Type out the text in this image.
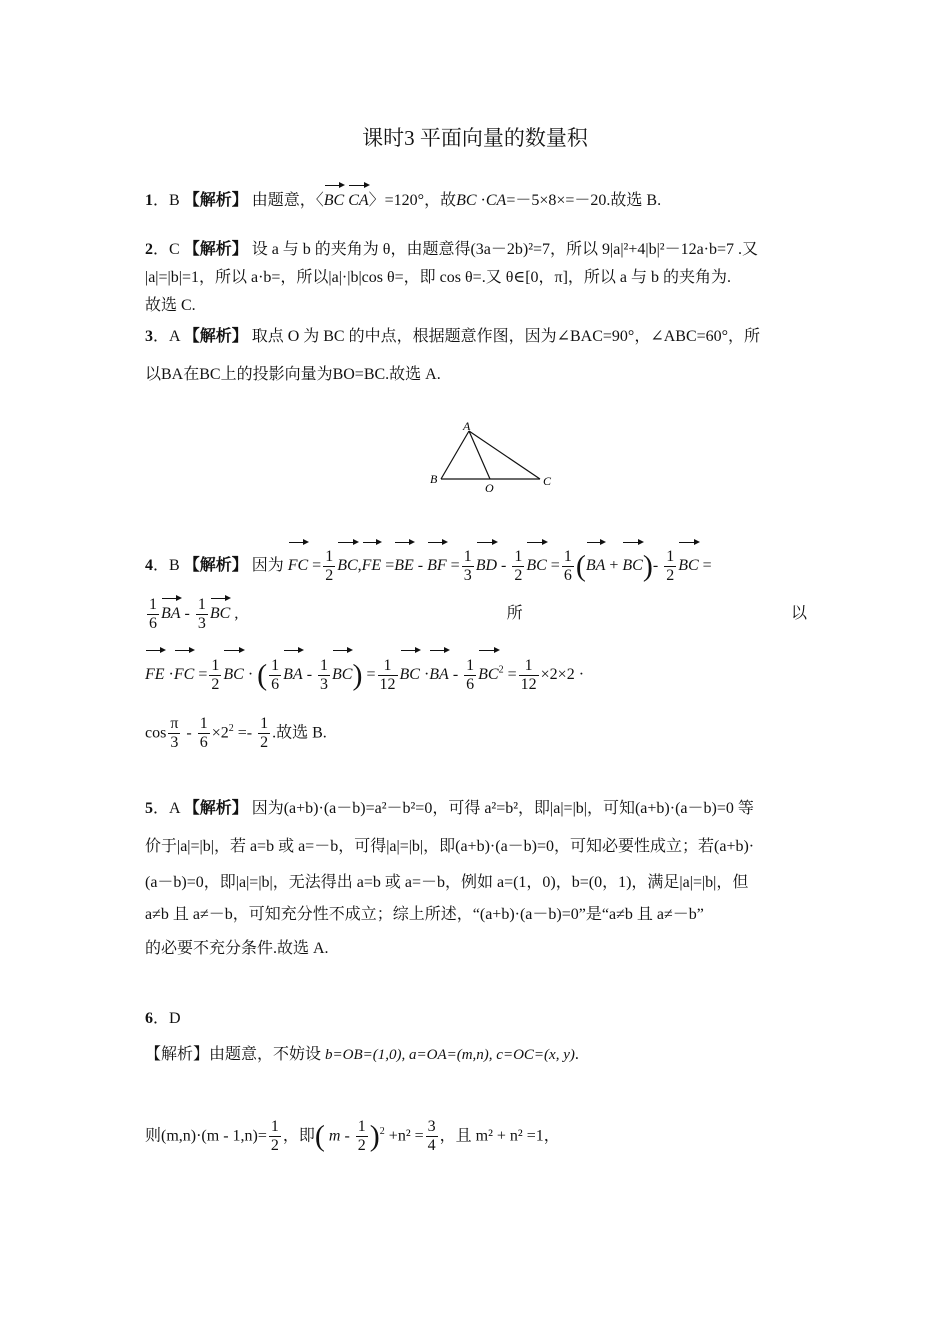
课时3 平面向量的数量积
1．B 【解析】 由题意，〈BC CA〉=120°，故BC ·CA=－5×8×=－20.故选 B.
2．C 【解析】 设 a 与 b 的夹角为 θ，由题意得(3a－2b)²=7，所以 9|a|²+4|b|²－12a·b=7 .又
|a|=|b|=1，所以 a·b=，所以|a|·|b|cos θ=，即 cos θ=.又 θ∈[0，π]，所以 a 与 b 的夹角为.
故选 C.
3．A 【解析】 取点 O 为 BC 的中点，根据题意作图，因为∠BAC=90°，∠ABC=60°，所
以BA在BC上的投影向量为BO=BC.故选 A.
A
B	C
O
4．B 【解析】 因为 FC = $\frac{1}{2} BC,FE =BE$ - BF = $\frac{1}{3}$ BD - $\frac{1}{2}$ BC = $\frac{1}{6} (BA + BC)- \frac{1}{2}$ BC =
$\frac{1}{6}$ BA - $\frac{1}{3}$ BC ,	所	以
FE $\cdot FC = \frac{1}{2}$ BC · ( $\frac{1}{6}$ BA - $\frac{1}{3} BC) = \frac{1}{12}$ BC $\cdot BA - \frac{1}{6} BC^2 = \frac{1}{12} \times 2\times 2$ ·
$\cos \frac{\pi}{3} - \frac{1}{6} \times 2^2 =- \frac{1}{2}$ .故选 B.
5．A 【解析】 因为(a+b)·(a－b)=a²－b²=0，可得 a²=b²，即|a|=|b|，可知(a+b)·(a－b)=0 等
价于|a|=|b|，若 a=b 或 a=－b，可得|a|=|b|，即(a+b)·(a－b)=0，可知必要性成立；若(a+b)·
(a－b)=0，即|a|=|b|，无法得出 a=b 或 a=－b，例如 a=(1，0)，b=(0，1)，满足|a|=|b|，但
a≠b 且 a≠－b，可知充分性不成立；综上所述，“(a+b)·(a－b)=0”是“a≠b 且 a≠－b”
的必要不充分条件.故选 A.
6．D
【解析】由题意，不妨设 b=OB=(1,0), a=OA=(m,n), c=OC=(x, y).
则$(m,n)\cdot(m - 1,n)= \frac{1}{2}$ ，即( $m - \frac{1}{2} )^2 +n^2 = \frac{3}{4}$ ，且 m² + n² =1，
